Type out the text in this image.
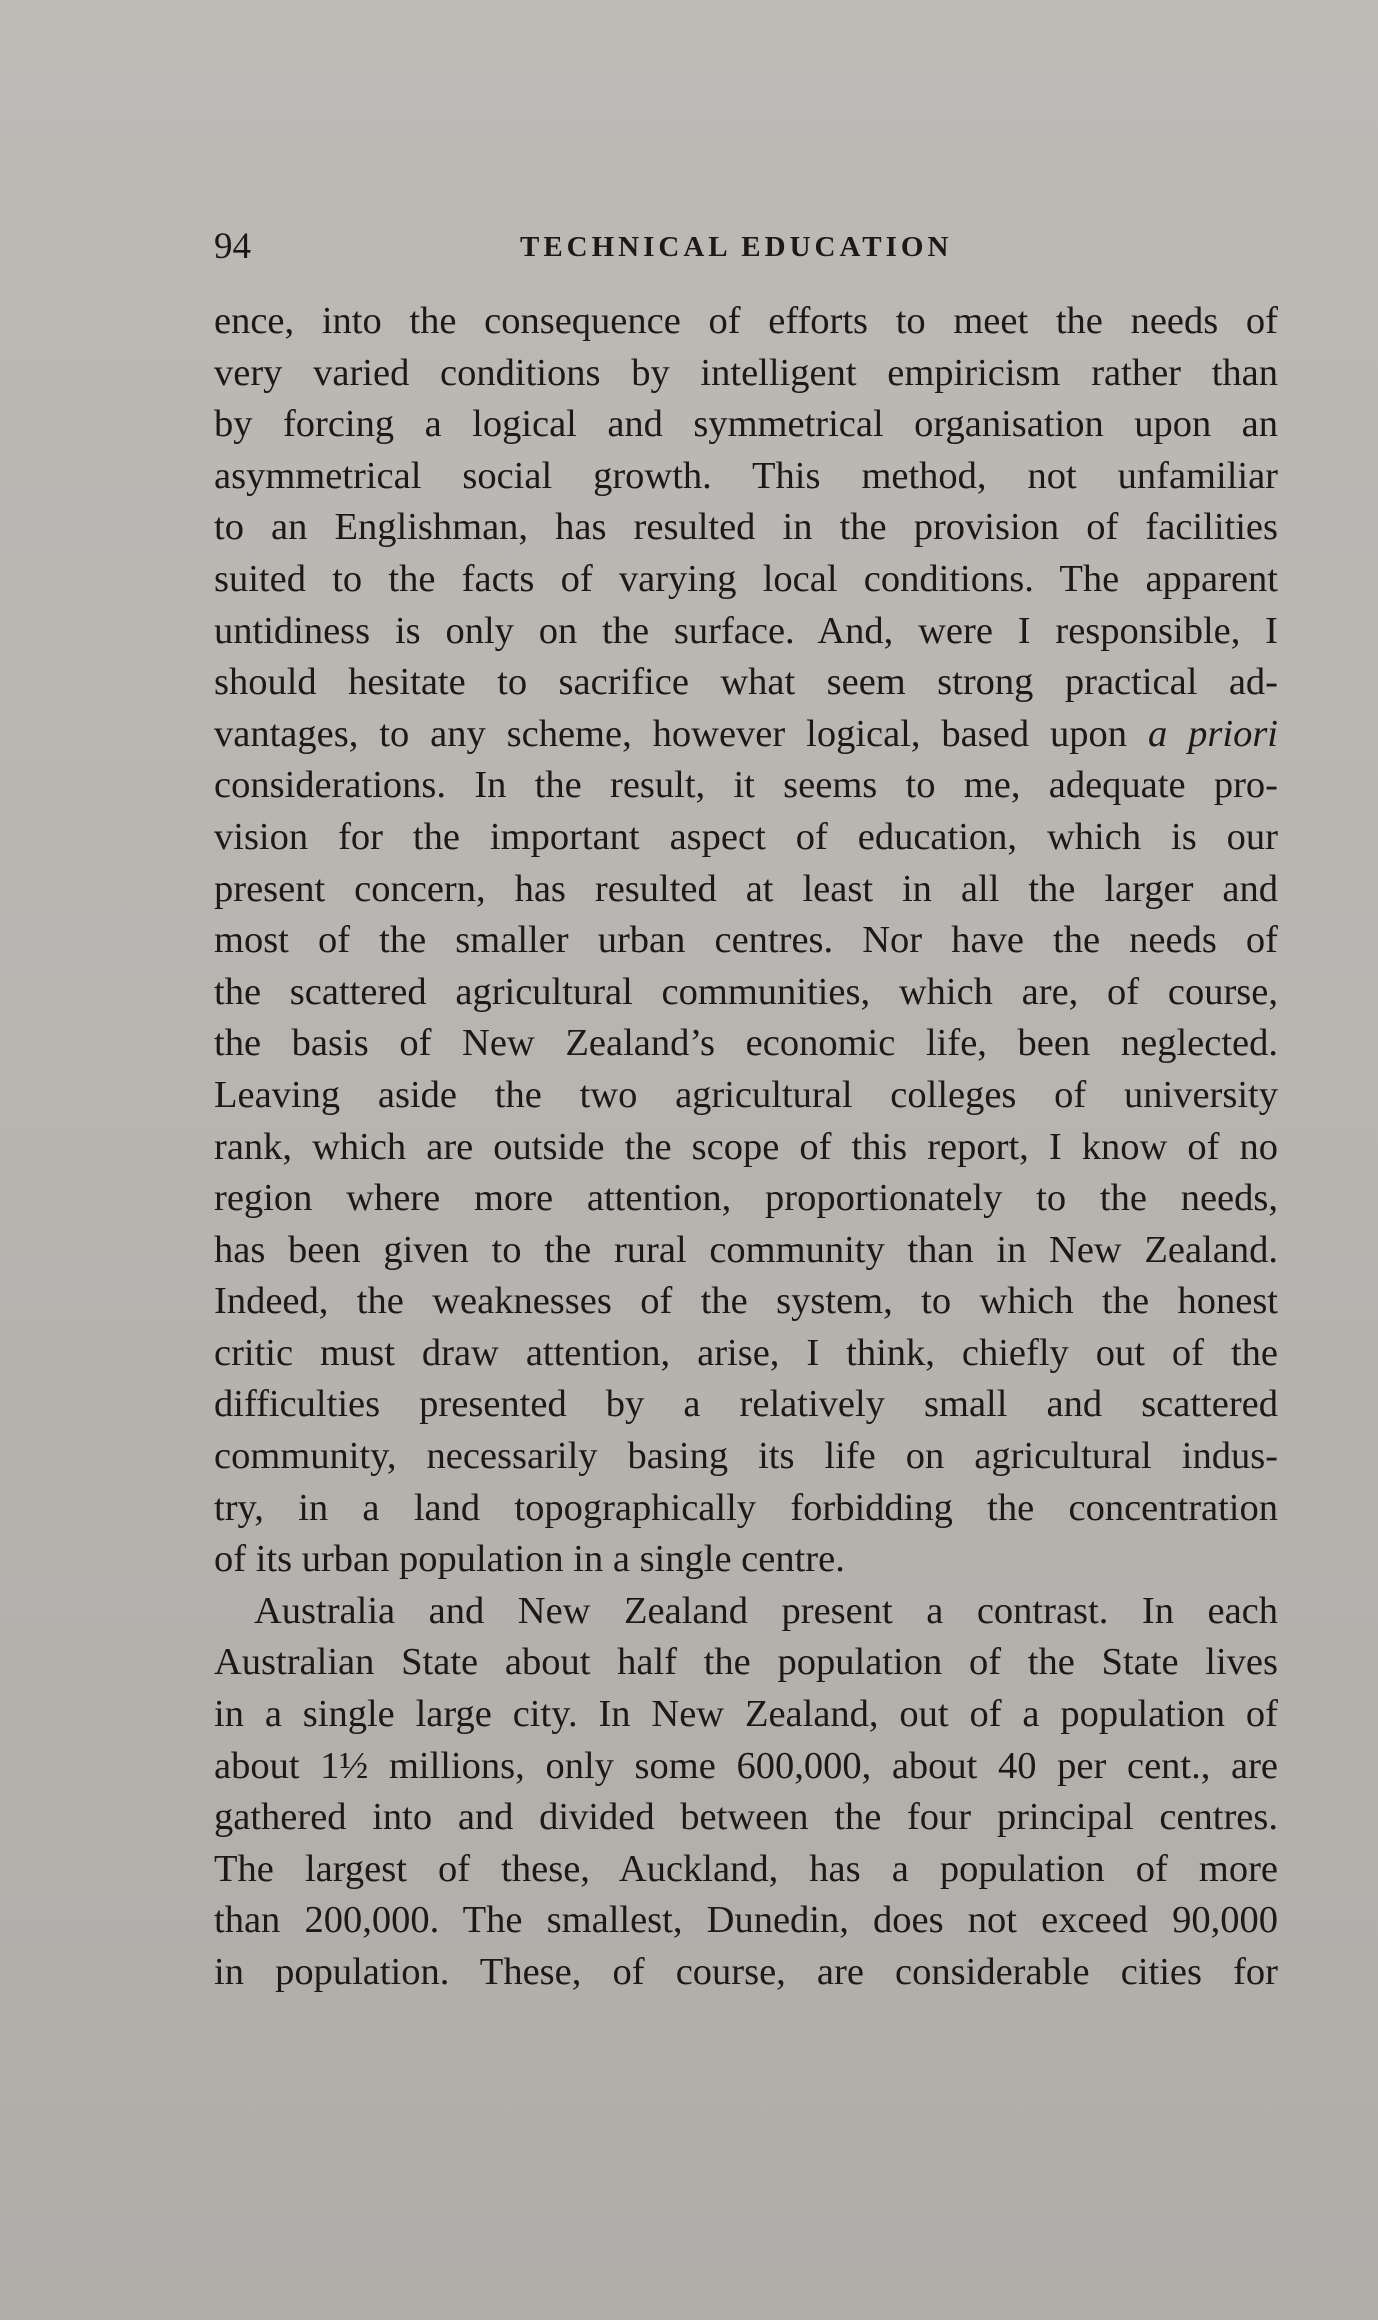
94	TECHNICAL EDUCATION
ence, into the consequence of efforts to meet the needs of
very varied conditions by intelligent empiricism rather than
by forcing a logical and symmetrical organisation upon an
asymmetrical social growth. This method, not unfamiliar
to an Englishman, has resulted in the provision of facilities
suited to the facts of varying local conditions. The apparent
untidiness is only on the surface. And, were I responsible, I
should hesitate to sacrifice what seem strong practical ad-
vantages, to any scheme, however logical, based upon a priori
considerations. In the result, it seems to me, adequate pro-
vision for the important aspect of education, which is our
present concern, has resulted at least in all the larger and
most of the smaller urban centres. Nor have the needs of
the scattered agricultural communities, which are, of course,
the basis of New Zealand’s economic life, been neglected.
Leaving aside the two agricultural colleges of university
rank, which are outside the scope of this report, I know of no
region where more attention, proportionately to the needs,
has been given to the rural community than in New Zealand.
Indeed, the weaknesses of the system, to which the honest
critic must draw attention, arise, I think, chiefly out of the
difficulties presented by a relatively small and scattered
community, necessarily basing its life on agricultural indus-
try, in a land topographically forbidding the concentration
of its urban population in a single centre.
Australia and New Zealand present a contrast. In each
Australian State about half the population of the State lives
in a single large city. In New Zealand, out of a population of
about 1½ millions, only some 600,000, about 40 per cent., are
gathered into and divided between the four principal centres.
The largest of these, Auckland, has a population of more
than 200,000. The smallest, Dunedin, does not exceed 90,000
in population. These, of course, are considerable cities for
